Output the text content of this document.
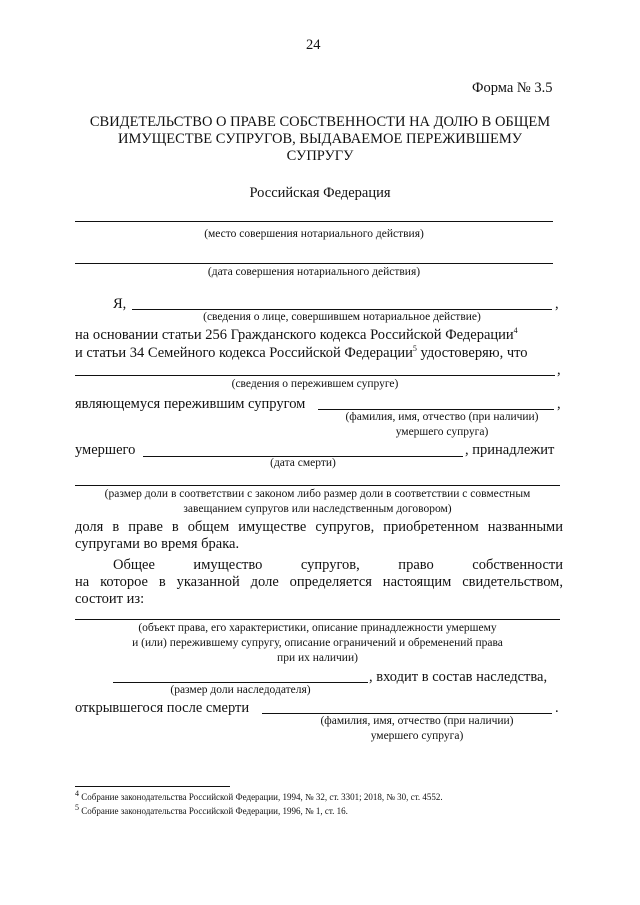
24
Форма № 3.5
СВИДЕТЕЛЬСТВО О ПРАВЕ СОБСТВЕННОСТИ НА ДОЛЮ В ОБЩЕМ
ИМУЩЕСТВЕ СУПРУГОВ, ВЫДАВАЕМОЕ ПЕРЕЖИВШЕМУ
СУПРУГУ
Российская Федерация
(место совершения нотариального действия)
(дата совершения нотариального действия)
Я,	,
(сведения о лице, совершившем нотариальное действие)
на основании статьи 256 Гражданского кодекса Российской Федерации$^4$
и статьи 34 Семейного кодекса Российской Федерации$^5$ удостоверяю, что
,
(сведения о пережившем супруге)
являющемуся пережившим супругом	,
(фамилия, имя, отчество (при наличии)
умершего супруга)
умершего	, принадлежит
(дата смерти)
(размер доли в соответствии с законом либо размер доли в соответствии с совместным
завещанием супругов или наследственным договором)
доля в праве в общем имуществе супругов, приобретенном названными
супругами во время брака.
Общее имущество супругов, право собственности
на которое в указанной доле определяется настоящим свидетельством,
состоит из:
(объект права, его характеристики, описание принадлежности умершему
и (или) пережившему супругу, описание ограничений и обременений права
при их наличии)
, входит в состав наследства,
(размер доли наследодателя)
открывшегося после смерти	.
(фамилия, имя, отчество (при наличии)
умершего супруга)
$^4$ Собрание законодательства Российской Федерации, 1994, № 32, ст. 3301; 2018, № 30, ст. 4552.
$^5$ Собрание законодательства Российской Федерации, 1996, № 1, ст. 16.
